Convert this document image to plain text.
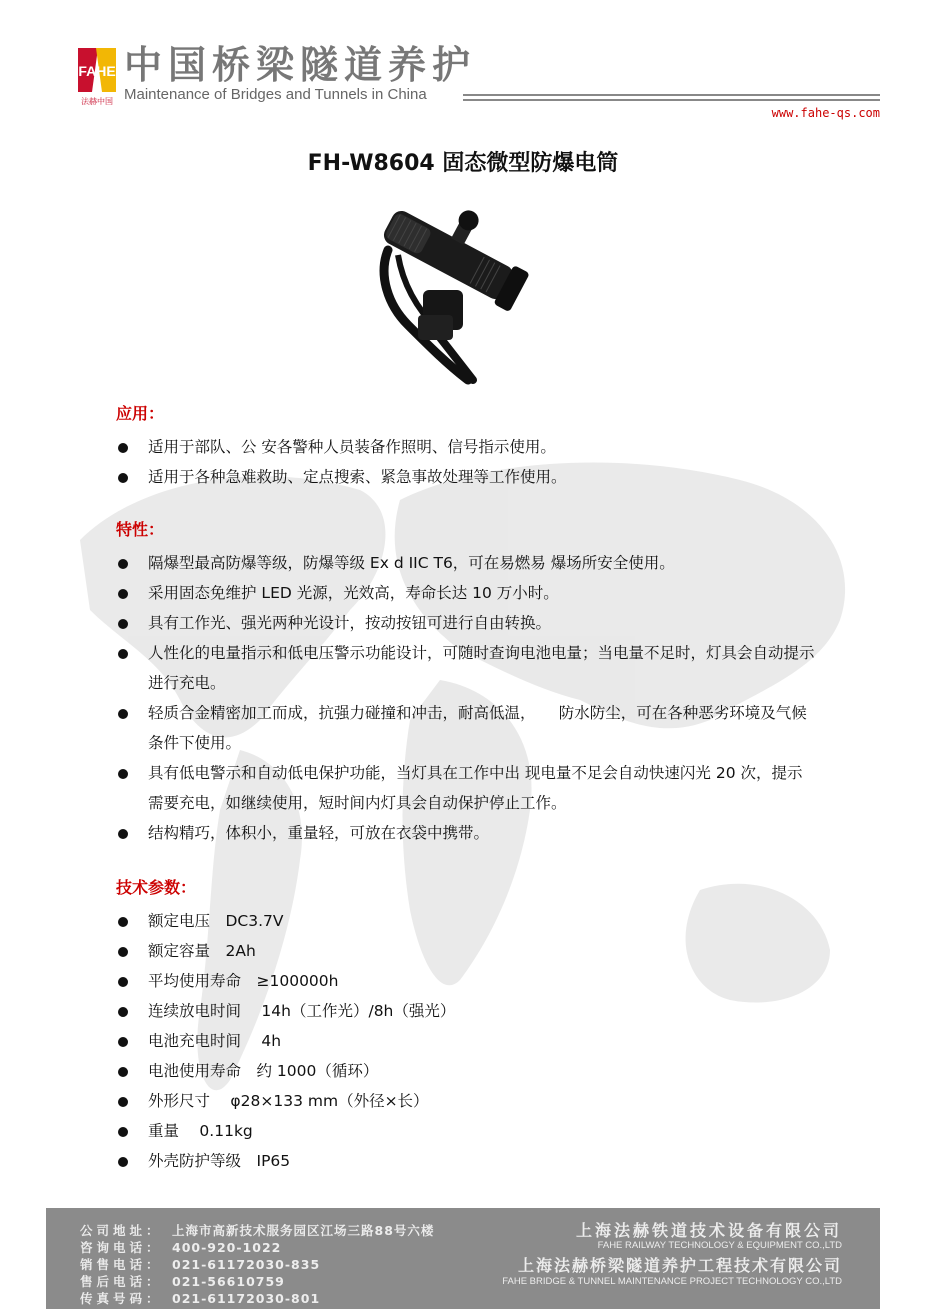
FAHE
法赫中国
中国桥梁隧道养护
Maintenance of Bridges and Tunnels in China
www.fahe-qs.com
FH-W8604 固态微型防爆电筒
应用：
适用于部队、公 安各警种人员装备作照明、信号指示使用。
适用于各种急难救助、定点搜索、紧急事故处理等工作使用。
特性：
隔爆型最高防爆等级，防爆等级 Ex d IIC T6，可在易燃易 爆场所安全使用。
采用固态免维护 LED 光源，光效高，寿命长达 10 万小时。
具有工作光、强光两种光设计，按动按钮可进行自由转换。
人性化的电量指示和低电压警示功能设计，可随时查询电池电量；当电量不足时，灯具会自动提示进行充电。
轻质合金精密加工而成，抗强力碰撞和冲击，耐高低温，　　防水防尘，可在各种恶劣环境及气候条件下使用。
具有低电警示和自动低电保护功能，当灯具在工作中出 现电量不足会自动快速闪光 20 次，提示需要充电，如继续使用，短时间内灯具会自动保护停止工作。
结构精巧，体积小，重量轻，可放在衣袋中携带。
技术参数：
额定电压　DC3.7V
额定容量　2Ah
平均使用寿命　≥100000h
连续放电时间　 14h（工作光）/8h（强光）
电池充电时间　 4h
电池使用寿命　约 1000（循环）
外形尺寸　 φ28×133 mm（外径×长）
重量　 0.11kg
外壳防护等级　IP65
公司地址： 上海市高新技术服务园区江场三路88号六楼
咨询电话： 400-920-1022
销售电话： 021-61172030-835
售后电话： 021-56610759
传真号码： 021-61172030-801
上海法赫铁道技术设备有限公司
FAHE RAILWAY TECHNOLOGY & EQUIPMENT CO.,LTD
上海法赫桥梁隧道养护工程技术有限公司
FAHE BRIDGE & TUNNEL MAINTENANCE PROJECT TECHNOLOGY CO.,LTD
